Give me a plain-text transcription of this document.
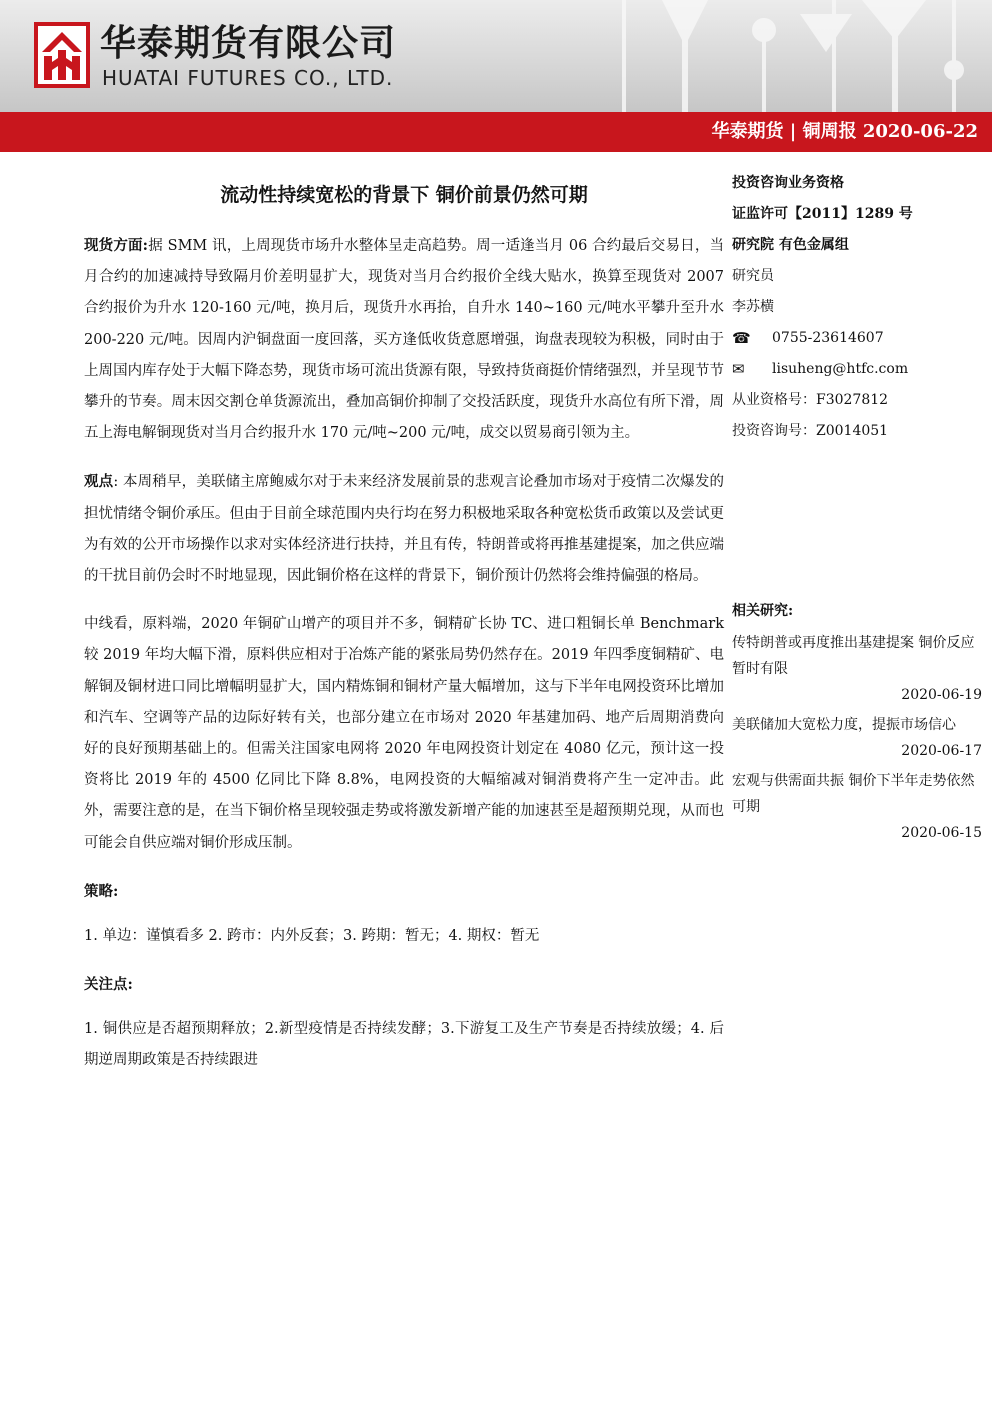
华泰期货有限公司
HUATAI FUTURES CO., LTD.
华泰期货 | 铜周报 2020-06-22
流动性持续宽松的背景下 铜价前景仍然可期

现货方面:据 SMM 讯，上周现货市场升水整体呈走高趋势。周一适逢当月 06 合约最后交易日，当月合约的加速减持导致隔月价差明显扩大，现货对当月合约报价全线大贴水，换算至现货对 2007 合约报价为升水 120-160 元/吨，换月后，现货升水再抬，自升水 140~160 元/吨水平攀升至升水 200-220 元/吨。因周内沪铜盘面一度回落，买方逢低收货意愿增强，询盘表现较为积极，同时由于上周国内库存处于大幅下降态势，现货市场可流出货源有限，导致持货商挺价情绪强烈，并呈现节节攀升的节奏。周末因交割仓单货源流出，叠加高铜价抑制了交投活跃度，现货升水高位有所下滑，周五上海电解铜现货对当月合约报升水 170 元/吨~200 元/吨，成交以贸易商引领为主。

观点: 本周稍早，美联储主席鲍威尔对于未来经济发展前景的悲观言论叠加市场对于疫情二次爆发的担忧情绪令铜价承压。但由于目前全球范围内央行均在努力积极地采取各种宽松货币政策以及尝试更为有效的公开市场操作以求对实体经济进行扶持，并且有传，特朗普或将再推基建提案，加之供应端的干扰目前仍会时不时地显现，因此铜价格在这样的背景下，铜价预计仍然将会维持偏强的格局。

中线看，原料端，2020 年铜矿山增产的项目并不多，铜精矿长协 TC、进口粗铜长单 Benchmark 较 2019 年均大幅下滑，原料供应相对于冶炼产能的紧张局势仍然存在。2019 年四季度铜精矿、电解铜及铜材进口同比增幅明显扩大，国内精炼铜和铜材产量大幅增加，这与下半年电网投资环比增加和汽车、空调等产品的边际好转有关，也部分建立在市场对 2020 年基建加码、地产后周期消费向好的良好预期基础上的。但需关注国家电网将 2020 年电网投资计划定在 4080 亿元，预计这一投资将比 2019 年的 4500 亿同比下降 8.8%，电网投资的大幅缩减对铜消费将产生一定冲击。此外，需要注意的是，在当下铜价格呈现较强走势或将激发新增产能的加速甚至是超预期兑现，从而也可能会自供应端对铜价形成压制。

策略:

1. 单边：谨慎看多 2. 跨市：内外反套；3. 跨期：暂无；4. 期权：暂无

关注点:

1. 铜供应是否超预期释放；2.新型疫情是否持续发酵；3.下游复工及生产节奏是否持续放缓；4. 后期逆周期政策是否持续跟进

投资咨询业务资格
证监许可【2011】1289 号
研究院 有色金属组
研究员
李苏横
☎	0755-23614607
✉	lisuheng@htfc.com
从业资格号：F3027812
投资咨询号：Z0014051
相关研究:
传特朗普或再度推出基建提案 铜价反应暂时有限
2020-06-19
美联储加大宽松力度，提振市场信心
2020-06-17
宏观与供需面共振 铜价下半年走势依然可期
2020-06-15
